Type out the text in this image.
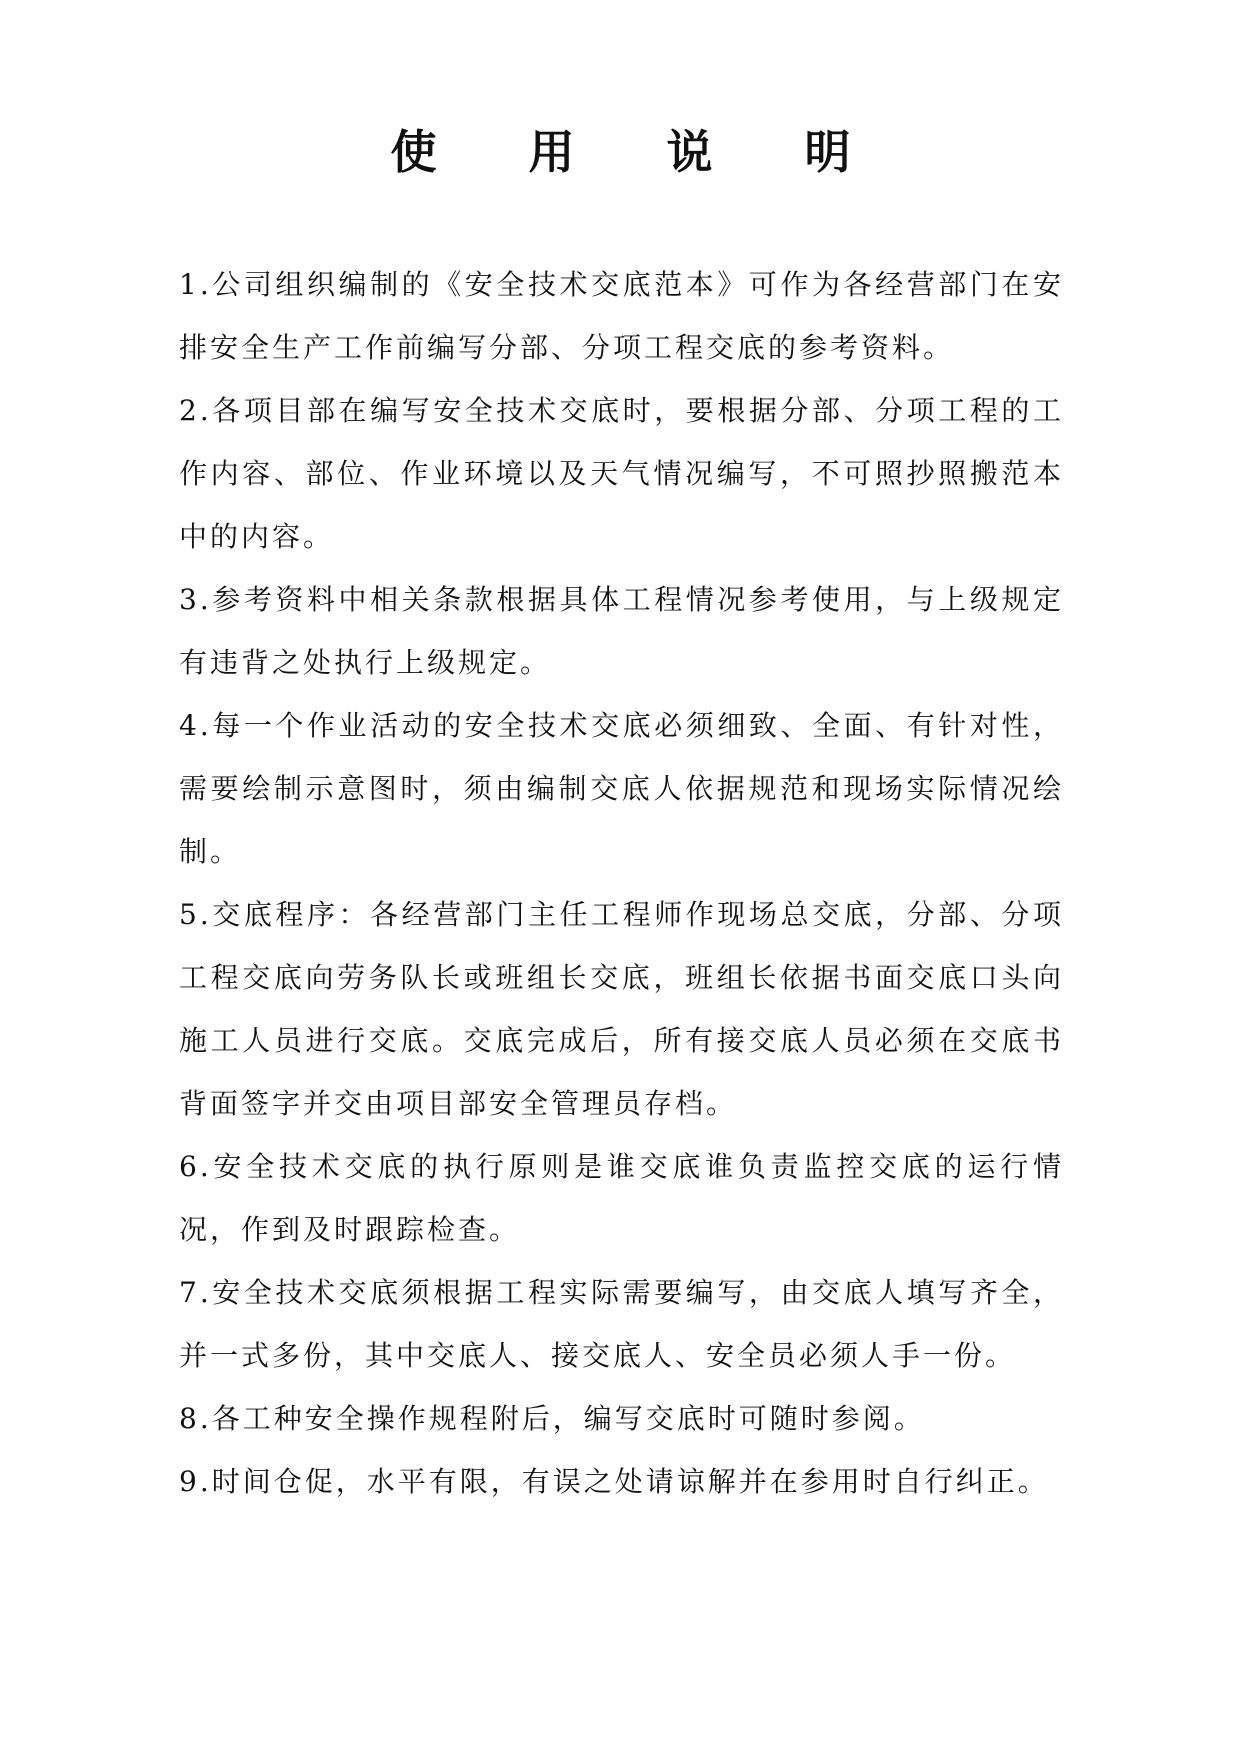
使 用 说 明

1.公司组织编制的《安全技术交底范本》可作为各经营部门在安排安全生产工作前编写分部、分项工程交底的参考资料。

2.各项目部在编写安全技术交底时，要根据分部、分项工程的工作内容、部位、作业环境以及天气情况编写，不可照抄照搬范本中的内容。

3.参考资料中相关条款根据具体工程情况参考使用，与上级规定有违背之处执行上级规定。

4.每一个作业活动的安全技术交底必须细致、全面、有针对性，需要绘制示意图时，须由编制交底人依据规范和现场实际情况绘制。

5.交底程序：各经营部门主任工程师作现场总交底，分部、分项工程交底向劳务队长或班组长交底，班组长依据书面交底口头向施工人员进行交底。交底完成后，所有接交底人员必须在交底书背面签字并交由项目部安全管理员存档。

6.安全技术交底的执行原则是谁交底谁负责监控交底的运行情况，作到及时跟踪检查。

7.安全技术交底须根据工程实际需要编写，由交底人填写齐全，并一式多份，其中交底人、接交底人、安全员必须人手一份。

8.各工种安全操作规程附后，编写交底时可随时参阅。

9.时间仓促，水平有限，有误之处请谅解并在参用时自行纠正。
